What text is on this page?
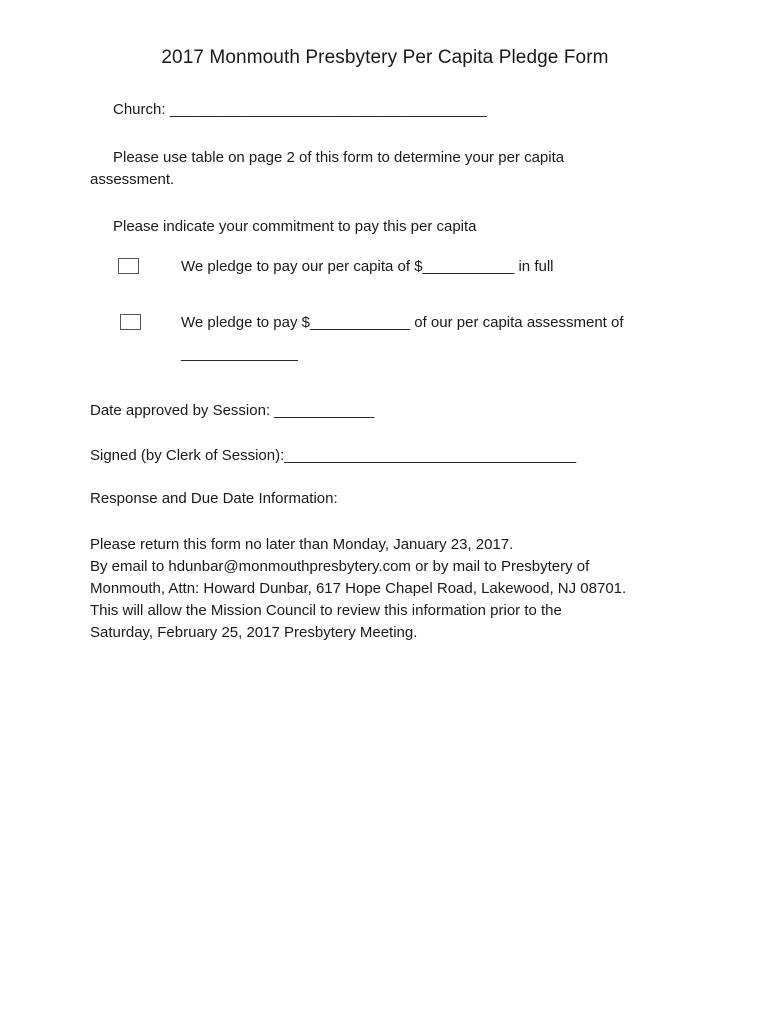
2017 Monmouth Presbytery Per Capita Pledge Form
Church: ______________________________________
Please use table on page 2 of this form to determine your per capita
assessment.
Please indicate your commitment to pay this per capita
We pledge to pay our per capita of $___________ in full
We pledge to pay $____________ of our per capita assessment of
______________
Date approved by Session: ____________
Signed (by Clerk of Session):___________________________________
Response and Due Date Information:
Please return this form no later than Monday, January 23, 2017.
By email to hdunbar@monmouthpresbytery.com or by mail to Presbytery of
Monmouth, Attn: Howard Dunbar, 617 Hope Chapel Road, Lakewood, NJ 08701.
This will allow the Mission Council to review this information prior to the
Saturday, February 25, 2017 Presbytery Meeting.
